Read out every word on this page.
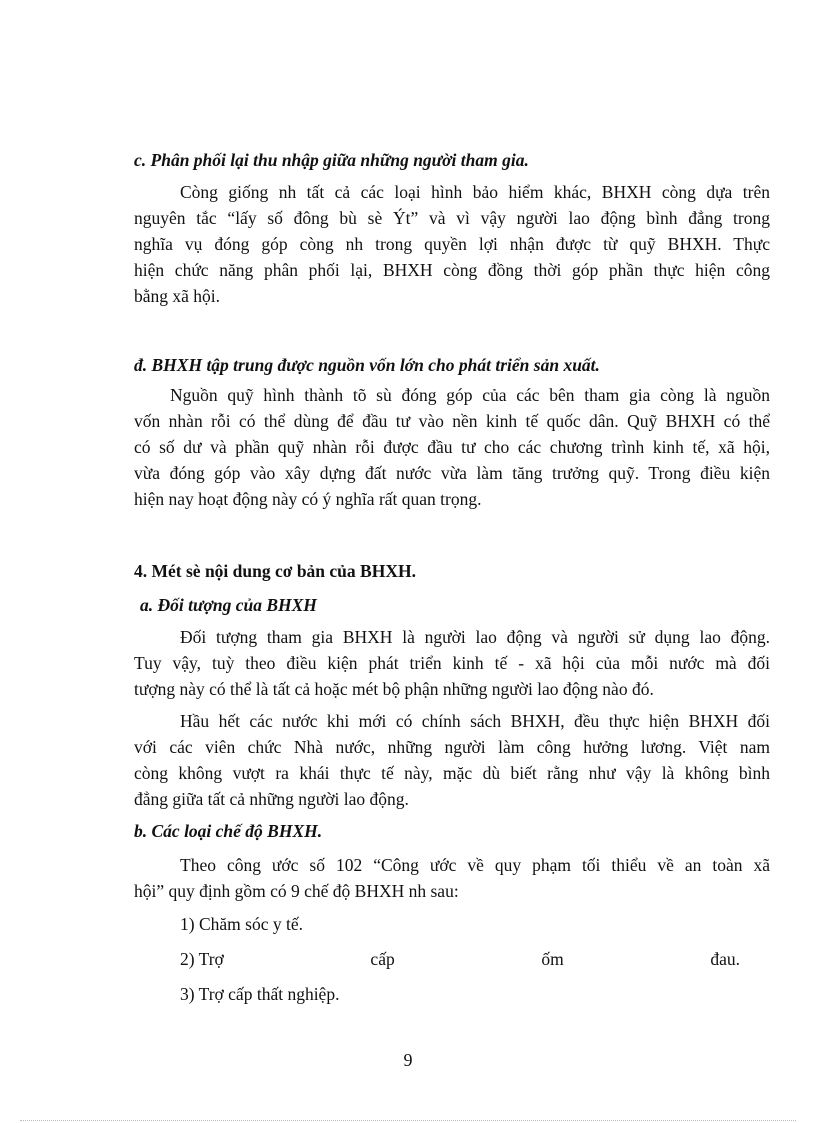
c. Phân phối lại thu nhập giữa những người tham gia.
Còng giống nh tất cả các loại hình bảo hiểm khác, BHXH còng dựa trên
nguyên tắc “lấy số đông bù sè Ýt” và vì vậy người lao động bình đẳng trong
nghĩa vụ đóng góp còng nh trong quyền lợi nhận được từ quỹ BHXH. Thực
hiện chức năng phân phối lại, BHXH còng đồng thời góp phần thực hiện công
bằng xã hội.
đ. BHXH tập trung được nguồn vốn lớn cho phát triển sản xuất.
Nguồn quỹ hình thành tõ sù đóng góp của các bên tham gia còng là nguồn
vốn nhàn rỗi có thể dùng để đầu tư vào nền kinh tế quốc dân. Quỹ BHXH có thể
có số dư và phần quỹ nhàn rỗi được đầu tư cho các chương trình kinh tế, xã hội,
vừa đóng góp vào xây dựng đất nước vừa làm tăng trưởng quỹ. Trong điều kiện
hiện nay hoạt động này có ý nghĩa rất quan trọng.
4. Mét sè nội dung cơ bản của BHXH.
a. Đối tượng của BHXH
Đối tượng tham gia BHXH là người lao động và người sử dụng lao động.
Tuy vậy, tuỳ theo điều kiện phát triển kinh tế - xã hội của mỗi nước mà đối
tượng này có thể là tất cả hoặc mét bộ phận những người lao động nào đó.
Hầu hết các nước khi mới có chính sách BHXH, đều thực hiện BHXH đối
với các viên chức Nhà nước, những người làm công hưởng lương. Việt nam
còng không vượt ra khái thực tế này, mặc dù biết rằng như vậy là không bình
đẳng giữa tất cả những người lao động.
b. Các loại chế độ BHXH.
Theo công ước số 102 “Công ước về quy phạm tối thiểu về an toàn xã
hội” quy định gồm có 9 chế độ BHXH nh sau:
1) Chăm sóc y tế.
2) Trợ	cấp	ốm	đau.
3) Trợ cấp thất nghiệp.
9
